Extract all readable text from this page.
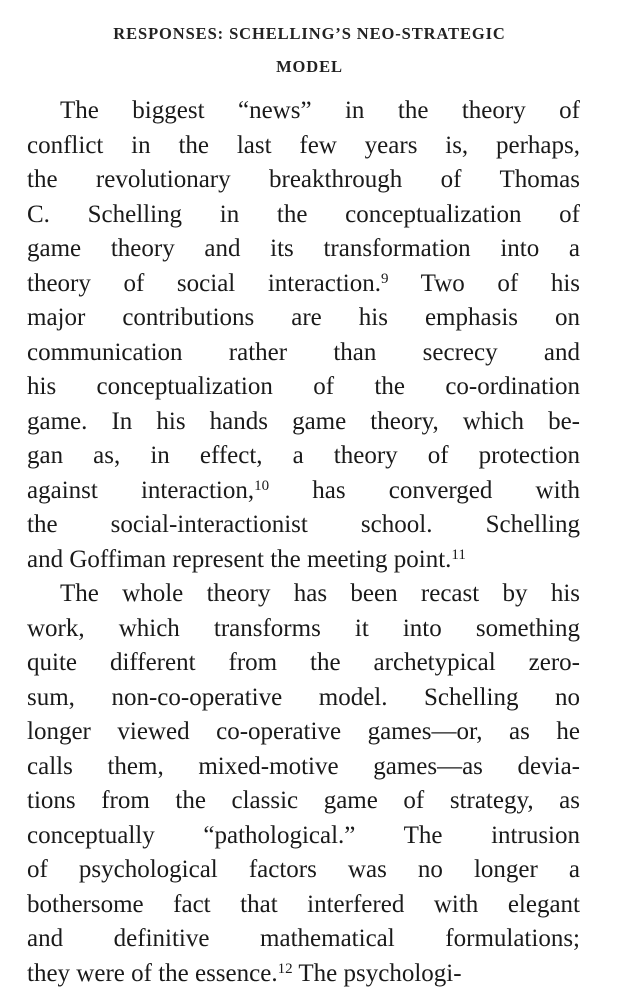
RESPONSES: SCHELLING’S NEO-STRATEGIC
MODEL
The biggest “news” in the theory of
conflict in the last few years is, perhaps,
the revolutionary breakthrough of Thomas
C. Schelling in the conceptualization of
game theory and its transformation into a
theory of social interaction.$^9$ Two of his
major contributions are his emphasis on
communication rather than secrecy and
his conceptualization of the co-ordination
game. In his hands game theory, which be-
gan as, in effect, a theory of protection
against interaction,$^{10}$ has converged with
the social-interactionist school. Schelling
and Goffiman represent the meeting point.$^{11}$
The whole theory has been recast by his
work, which transforms it into something
quite different from the archetypical zero-
sum, non-co-operative model. Schelling no
longer viewed co-operative games—or, as he
calls them, mixed-motive games—as devia-
tions from the classic game of strategy, as
conceptually “pathological.” The intrusion
of psychological factors was no longer a
bothersome fact that interfered with elegant
and definitive mathematical formulations;
they were of the essence.$^{12}$ The psychologi-
